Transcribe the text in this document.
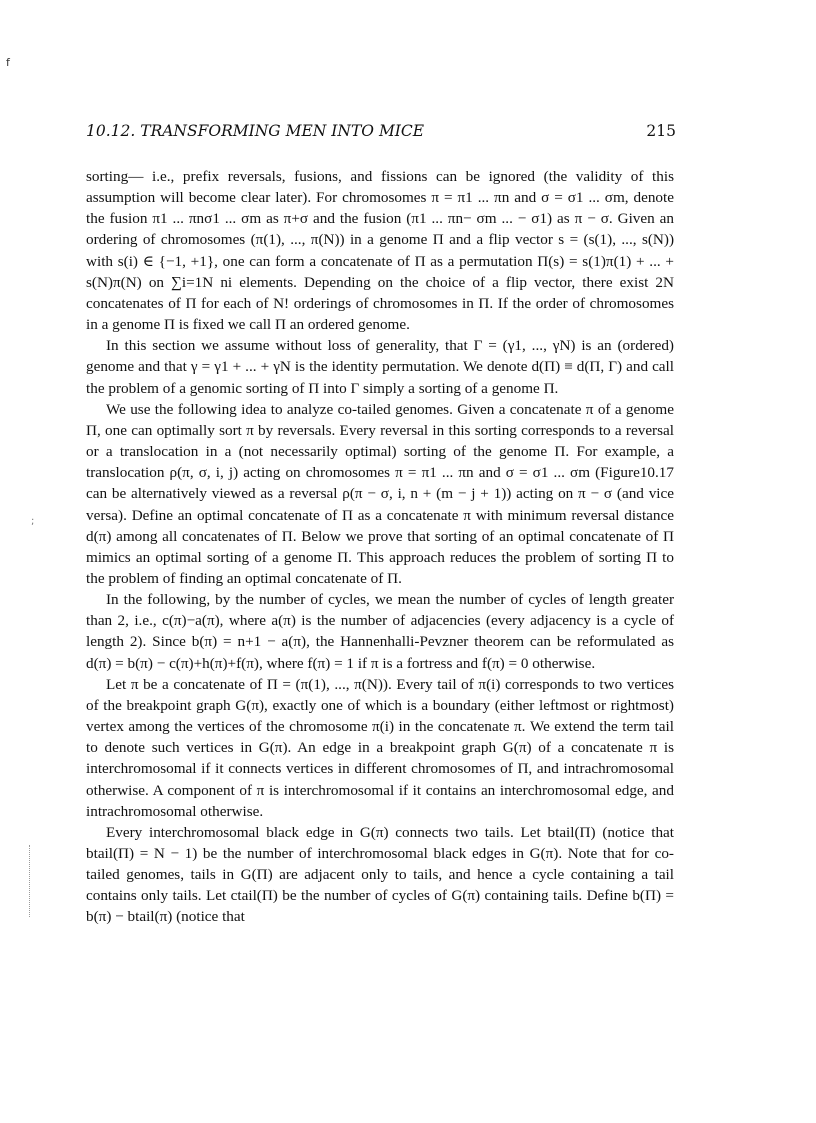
f
;
10.12. TRANSFORMING MEN INTO MICE	215

sorting— i.e., prefix reversals, fusions, and fissions can be ignored (the validity of this assumption will become clear later). For chromosomes π = π1 ... πn and σ = σ1 ... σm, denote the fusion π1 ... πnσ1 ... σm as π+σ and the fusion (π1 ... πn− σm ... − σ1) as π − σ. Given an ordering of chromosomes (π(1), ..., π(N)) in a genome Π and a flip vector s = (s(1), ..., s(N)) with s(i) ∈ {−1, +1}, one can form a concatenate of Π as a permutation Π(s) = s(1)π(1) + ... + s(N)π(N) on ∑i=1N ni elements. Depending on the choice of a flip vector, there exist 2N concatenates of Π for each of N! orderings of chromosomes in Π. If the order of chromosomes in a genome Π is fixed we call Π an ordered genome.

In this section we assume without loss of generality, that Γ = (γ1, ..., γN) is an (ordered) genome and that γ = γ1 + ... + γN is the identity permutation. We denote d(Π) ≡ d(Π, Γ) and call the problem of a genomic sorting of Π into Γ simply a sorting of a genome Π.

We use the following idea to analyze co-tailed genomes. Given a concatenate π of a genome Π, one can optimally sort π by reversals. Every reversal in this sorting corresponds to a reversal or a translocation in a (not necessarily optimal) sorting of the genome Π. For example, a translocation ρ(π, σ, i, j) acting on chromosomes π = π1 ... πn and σ = σ1 ... σm (Figure10.17 can be alternatively viewed as a reversal ρ(π − σ, i, n + (m − j + 1)) acting on π − σ (and vice versa). Define an optimal concatenate of Π as a concatenate π with minimum reversal distance d(π) among all concatenates of Π. Below we prove that sorting of an optimal concatenate of Π mimics an optimal sorting of a genome Π. This approach reduces the problem of sorting Π to the problem of finding an optimal concatenate of Π.

In the following, by the number of cycles, we mean the number of cycles of length greater than 2, i.e., c(π)−a(π), where a(π) is the number of adjacencies (every adjacency is a cycle of length 2). Since b(π) = n+1 − a(π), the Hannenhalli-Pevzner theorem can be reformulated as d(π) = b(π) − c(π)+h(π)+f(π), where f(π) = 1 if π is a fortress and f(π) = 0 otherwise.

Let π be a concatenate of Π = (π(1), ..., π(N)). Every tail of π(i) corresponds to two vertices of the breakpoint graph G(π), exactly one of which is a boundary (either leftmost or rightmost) vertex among the vertices of the chromosome π(i) in the concatenate π. We extend the term tail to denote such vertices in G(π). An edge in a breakpoint graph G(π) of a concatenate π is interchromosomal if it connects vertices in different chromosomes of Π, and intrachromosomal otherwise. A component of π is interchromosomal if it contains an interchromosomal edge, and intrachromosomal otherwise.

Every interchromosomal black edge in G(π) connects two tails. Let btail(Π) (notice that btail(Π) = N − 1) be the number of interchromosomal black edges in G(π). Note that for co-tailed genomes, tails in G(Π) are adjacent only to tails, and hence a cycle containing a tail contains only tails. Let ctail(Π) be the number of cycles of G(π) containing tails. Define b(Π) = b(π) − btail(π) (notice that
